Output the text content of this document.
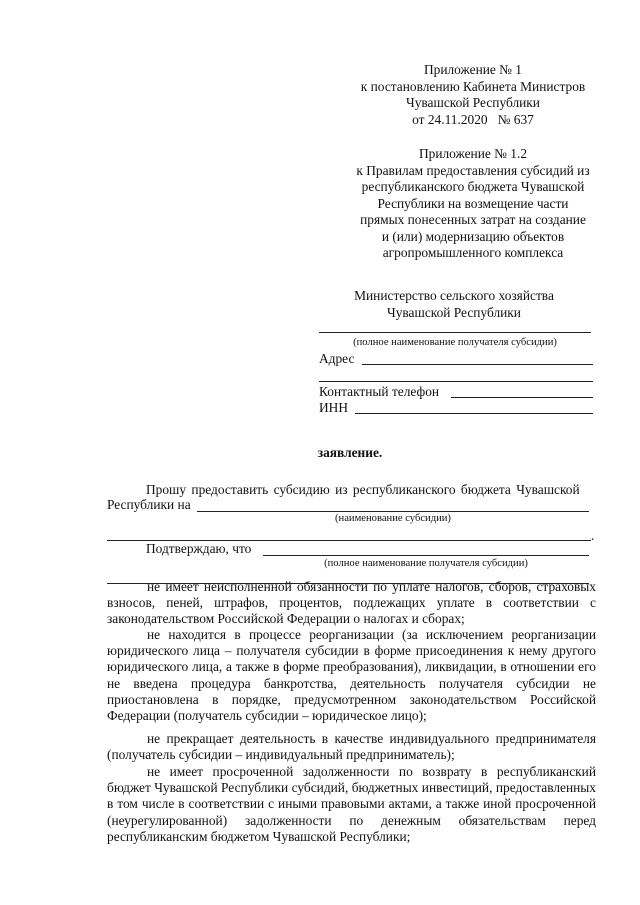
Приложение № 1
к постановлению Кабинета Министров
Чувашской Республики
от 24.11.2020   № 637
Приложение № 1.2
к Правилам предоставления субсидий из
республиканского бюджета Чувашской
Республики на возмещение части
прямых понесенных затрат на создание
и (или) модернизацию объектов
агропромышленного комплекса
Министерство сельского хозяйства
Чувашской Республики
(полное наименование получателя субсидии)
Адрес
Контактный телефон
ИНН
заявление.
Прошу предоставить субсидию из республиканского бюджета Чувашской
Республики на
(наименование субсидии)
.
Подтверждаю, что
(полное наименование получателя субсидии)
не имеет неисполненной обязанности по уплате налогов, сборов, страховых взносов, пеней, штрафов, процентов, подлежащих уплате в соответствии с законодательством Российской Федерации о налогах и сборах;
не находится в процессе реорганизации (за исключением реорганизации юридического лица – получателя субсидии в форме присоединения к нему другого юридического лица, а также в форме преобразования), ликвидации, в отношении его не введена процедура банкротства, деятельность получателя субсидии не приостановлена в порядке, предусмотренном законодательством Российской Федерации (получатель субсидии – юридическое лицо);
не прекращает деятельность в качестве индивидуального предпринимателя (получатель субсидии – индивидуальный предприниматель);
не имеет просроченной задолженности по возврату в республиканский бюджет Чувашской Республики субсидий, бюджетных инвестиций, предоставленных в том числе в соответствии с иными правовыми актами, а также иной просроченной (неурегулированной) задолженности по денежным обязательствам перед республиканским бюджетом Чувашской Республики;
